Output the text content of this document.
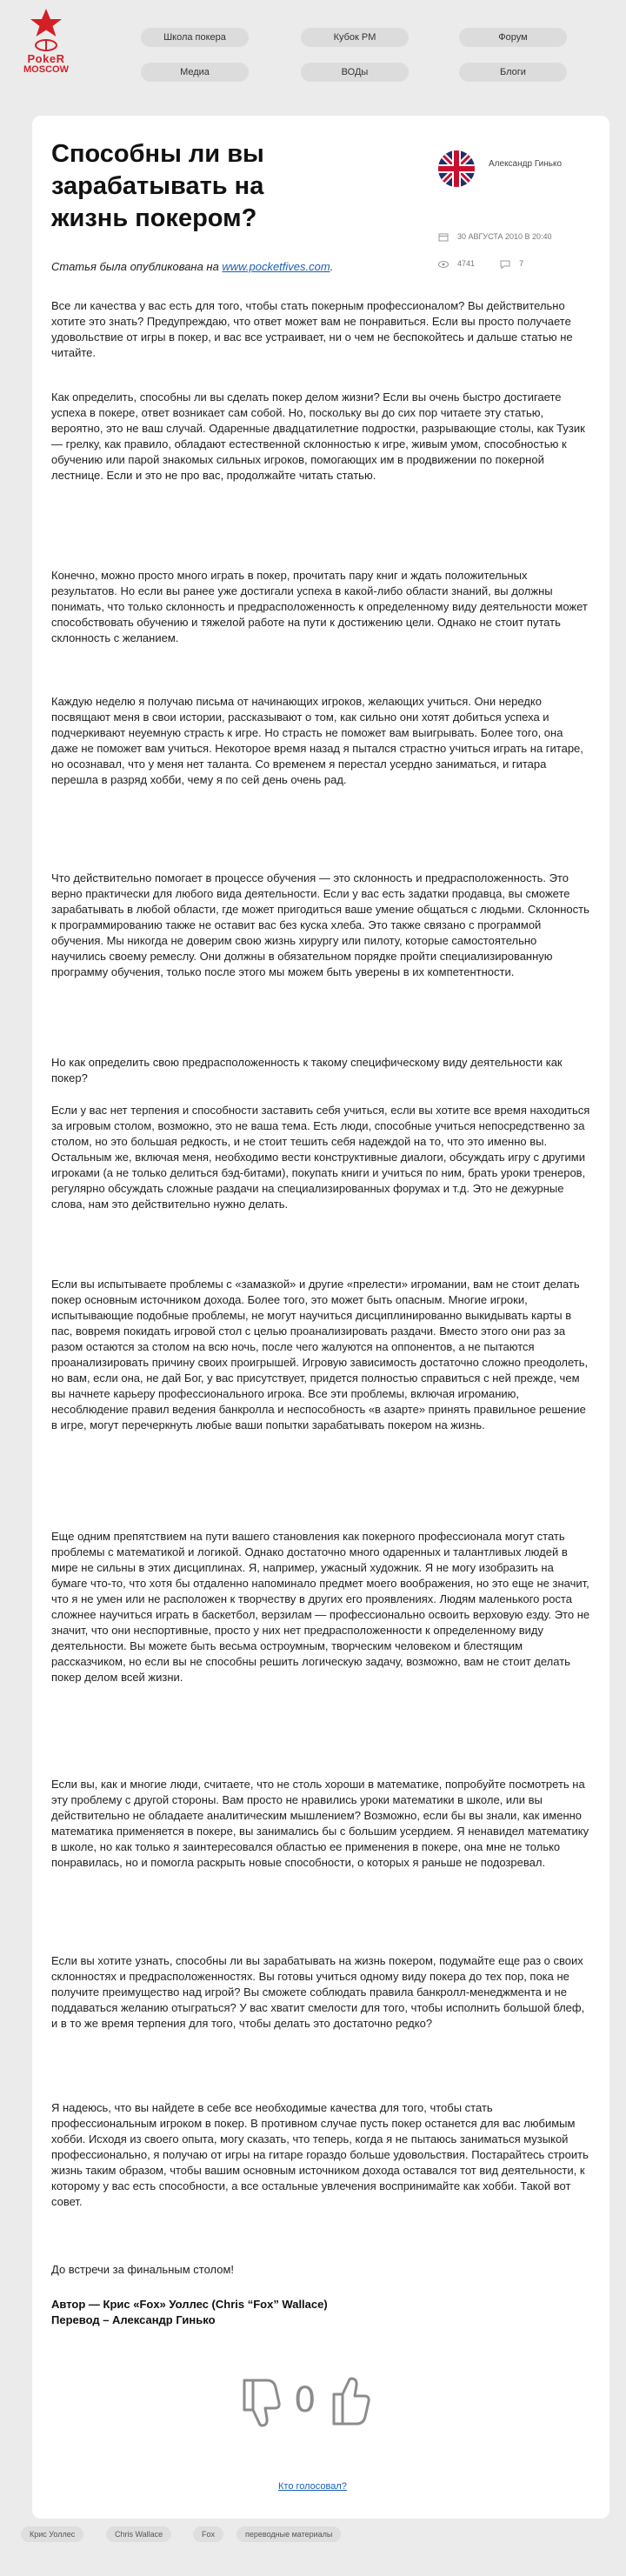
PokeR
MOSCOW
Школа покера	Кубок PM	Форум
Медиа	ВОДы	Блоги
Способны ли вы зарабатывать на жизнь покером?
Александр Гинько
30 АВГУСТА 2010 В 20:40
4741	7
Статья была опубликована на www.pocketfives.com.

Все ли качества у вас есть для того, чтобы стать покерным профессионалом? Вы действительно хотите это знать? Предупреждаю, что ответ может вам не понравиться. Если вы просто получаете удовольствие от игры в покер, и вас все устраивает, ни о чем не беспокойтесь и дальше статью не читайте.

Как определить, способны ли вы сделать покер делом жизни? Если вы очень быстро достигаете успеха в покере, ответ возникает сам собой. Но, поскольку вы до сих пор читаете эту статью, вероятно, это не ваш случай. Одаренные двадцатилетние подростки, разрывающие столы, как Тузик — грелку, как правило, обладают естественной склонностью к игре, живым умом, способностью к обучению или парой знакомых сильных игроков, помогающих им в продвижении по покерной лестнице. Если и это не про вас, продолжайте читать статью.

Конечно, можно просто много играть в покер, прочитать пару книг и ждать положительных результатов. Но если вы ранее уже достигали успеха в какой-либо области знаний, вы должны понимать, что только склонность и предрасположенность к определенному виду деятельности может способствовать обучению и тяжелой работе на пути к достижению цели. Однако не стоит путать склонность с желанием.

Каждую неделю я получаю письма от начинающих игроков, желающих учиться. Они нередко посвящают меня в свои истории, рассказывают о том, как сильно они хотят добиться успеха и подчеркивают неуемную страсть к игре. Но страсть не поможет вам выигрывать. Более того, она даже не поможет вам учиться. Некоторое время назад я пытался страстно учиться играть на гитаре, но осознавал, что у меня нет таланта. Со временем я перестал усердно заниматься, и гитара перешла в разряд хобби, чему я по сей день очень рад.

Что действительно помогает в процессе обучения — это склонность и предрасположенность. Это верно практически для любого вида деятельности. Если у вас есть задатки продавца, вы сможете зарабатывать в любой области, где может пригодиться ваше умение общаться с людьми. Склонность к программированию также не оставит вас без куска хлеба. Это также связано с программой обучения. Мы никогда не доверим свою жизнь хирургу или пилоту, которые самостоятельно научились своему ремеслу. Они должны в обязательном порядке пройти специализированную программу обучения, только после этого мы можем быть уверены в их компетентности.

Но как определить свою предрасположенность к такому специфическому виду деятельности как покер?

Если у вас нет терпения и способности заставить себя учиться, если вы хотите все время находиться за игровым столом, возможно, это не ваша тема. Есть люди, способные учиться непосредственно за столом, но это большая редкость, и не стоит тешить себя надеждой на то, что это именно вы. Остальным же, включая меня, необходимо вести конструктивные диалоги, обсуждать игру с другими игроками (а не только делиться бэд-битами), покупать книги и учиться по ним, брать уроки тренеров, регулярно обсуждать сложные раздачи на специализированных форумах и т.д. Это не дежурные слова, нам это действительно нужно делать.

Если вы испытываете проблемы с «замазкой» и другие «прелести» игромании, вам не стоит делать покер основным источником дохода. Более того, это может быть опасным. Многие игроки, испытывающие подобные проблемы, не могут научиться дисциплинированно выкидывать карты в пас, вовремя покидать игровой стол с целью проанализировать раздачи. Вместо этого они раз за разом остаются за столом на всю ночь, после чего жалуются на оппонентов, а не пытаются проанализировать причину своих проигрышей. Игровую зависимость достаточно сложно преодолеть, но вам, если она, не дай Бог, у вас присутствует, придется полностью справиться с ней прежде, чем вы начнете карьеру профессионального игрока. Все эти проблемы, включая игроманию, несоблюдение правил ведения банкролла и неспособность «в азарте» принять правильное решение в игре, могут перечеркнуть любые ваши попытки зарабатывать покером на жизнь.

Еще одним препятствием на пути вашего становления как покерного профессионала могут стать проблемы с математикой и логикой. Однако достаточно много одаренных и талантливых людей в мире не сильны в этих дисциплинах. Я, например, ужасный художник. Я не могу изобразить на бумаге что-то, что хотя бы отдаленно напоминало предмет моего воображения, но это еще не значит, что я не умен или не расположен к творчеству в других его проявлениях. Людям маленького роста сложнее научиться играть в баскетбол, верзилам — профессионально освоить верховую езду. Это не значит, что они неспортивные, просто у них нет предрасположенности к определенному виду деятельности. Вы можете быть весьма остроумным, творческим человеком и блестящим рассказчиком, но если вы не способны решить логическую задачу, возможно, вам не стоит делать покер делом всей жизни.

Если вы, как и многие люди, считаете, что не столь хороши в математике, попробуйте посмотреть на эту проблему с другой стороны. Вам просто не нравились уроки математики в школе, или вы действительно не обладаете аналитическим мышлением? Возможно, если бы вы знали, как именно математика применяется в покере, вы занимались бы с большим усердием. Я ненавидел математику в школе, но как только я заинтересовался областью ее применения в покере, она мне не только понравилась, но и помогла раскрыть новые способности, о которых я раньше не подозревал.

Если вы хотите узнать, способны ли вы зарабатывать на жизнь покером, подумайте еще раз о своих склонностях и предрасположенностях. Вы готовы учиться одному виду покера до тех пор, пока не получите преимущество над игрой? Вы сможете соблюдать правила банкролл-менеджмента и не поддаваться желанию отыграться? У вас хватит смелости для того, чтобы исполнить большой блеф, и в то же время терпения для того, чтобы делать это достаточно редко?

Я надеюсь, что вы найдете в себе все необходимые качества для того, чтобы стать профессиональным игроком в покер. В противном случае пусть покер останется для вас любимым хобби. Исходя из своего опыта, могу сказать, что теперь, когда я не пытаюсь заниматься музыкой профессионально, я получаю от игры на гитаре гораздо больше удовольствия. Постарайтесь строить жизнь таким образом, чтобы вашим основным источником дохода оставался тот вид деятельности, к которому у вас есть способности, а все остальные увлечения воспринимайте как хобби. Такой вот совет.

До встречи за финальным столом!

Автор — Крис «Fox» Уоллес (Chris “Fox” Wallace)
Перевод – Александр Гинько
0
Кто голосовал?
Крис Уоллес	Chris Wallace	Fox	переводные материалы
